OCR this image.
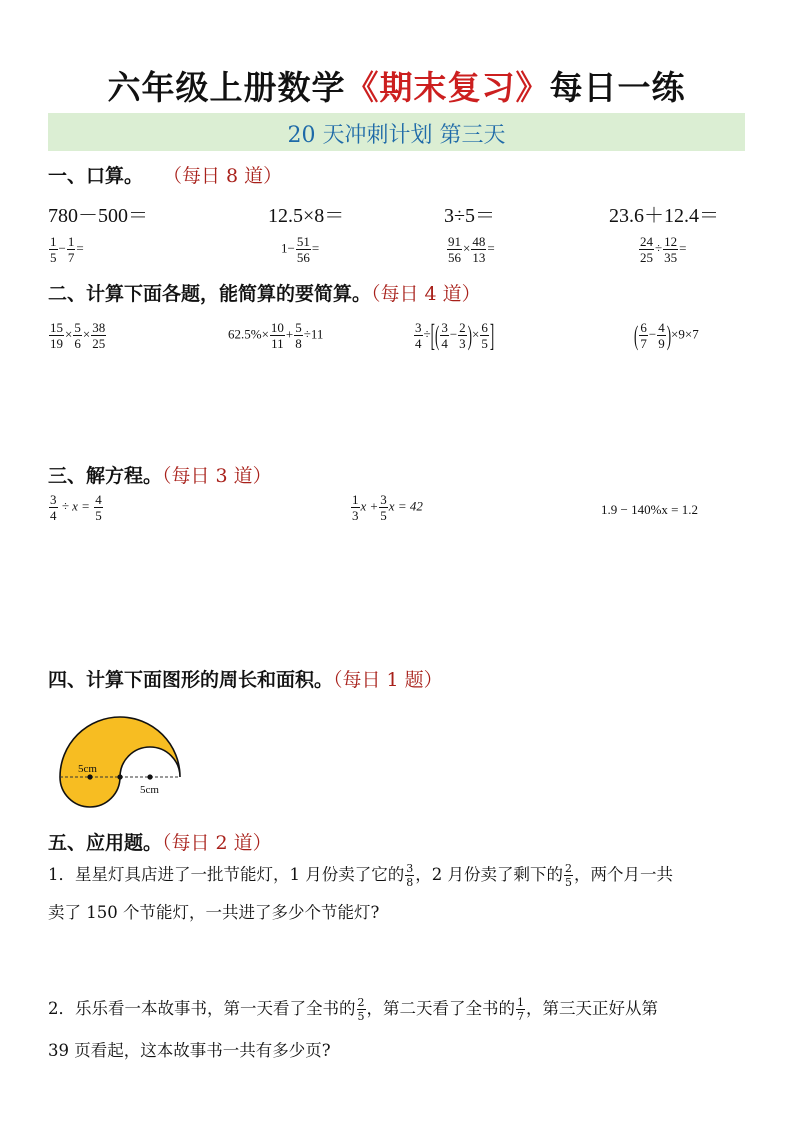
六年级上册数学《期末复习》每日一练
20 天冲刺计划 第三天
一、口算。 （每日 8 道）
780－500＝	12.5×8＝	3÷5＝	23.6＋12.4＝
$\frac{1}{5} - \frac{1}{7}$ =	$1- \frac{51}{56}$ =	$\frac{91}{56} \times \frac{48}{13}$ =	$\frac{24}{25} \div \frac{12}{35}$ =
二、计算下面各题，能简算的要简算。（每日 4 道）
$\frac{15}{19} \times \frac{5}{6} \times \frac{38}{25}$	$62.5\%\times \frac{10}{11} + \frac{5}{8} \div 11$	$\frac{3}{4}$ ÷[( $\frac{3}{4} - \frac{2}{3}$ )× $\frac{6}{5}$ ]	( $\frac{6}{7} - \frac{4}{9} )\times 9\times 7$
三、解方程。（每日 3 道）
$\frac{3}{4} \div x = \frac{4}{5}$	$\frac{1}{3}$ $x + \frac{3}{5}$ x = 42	1.9 − 140%x = 1.2
四、计算下面图形的周长和面积。（每日 1 题）
5cm
5cm
五、应用题。（每日 2 道）
1．星星灯具店进了一批节能灯，1 月份卖了它的 $\frac{3}{8}$ ，2 月份卖了剩下的 $\frac{2}{5}$ ，两个月一共
卖了 150 个节能灯，一共进了多少个节能灯?
2．乐乐看一本故事书，第一天看了全书的 $\frac{2}{5}$ ，第二天看了全书的 $\frac{1}{7}$ ，第三天正好从第
39 页看起，这本故事书一共有多少页?
